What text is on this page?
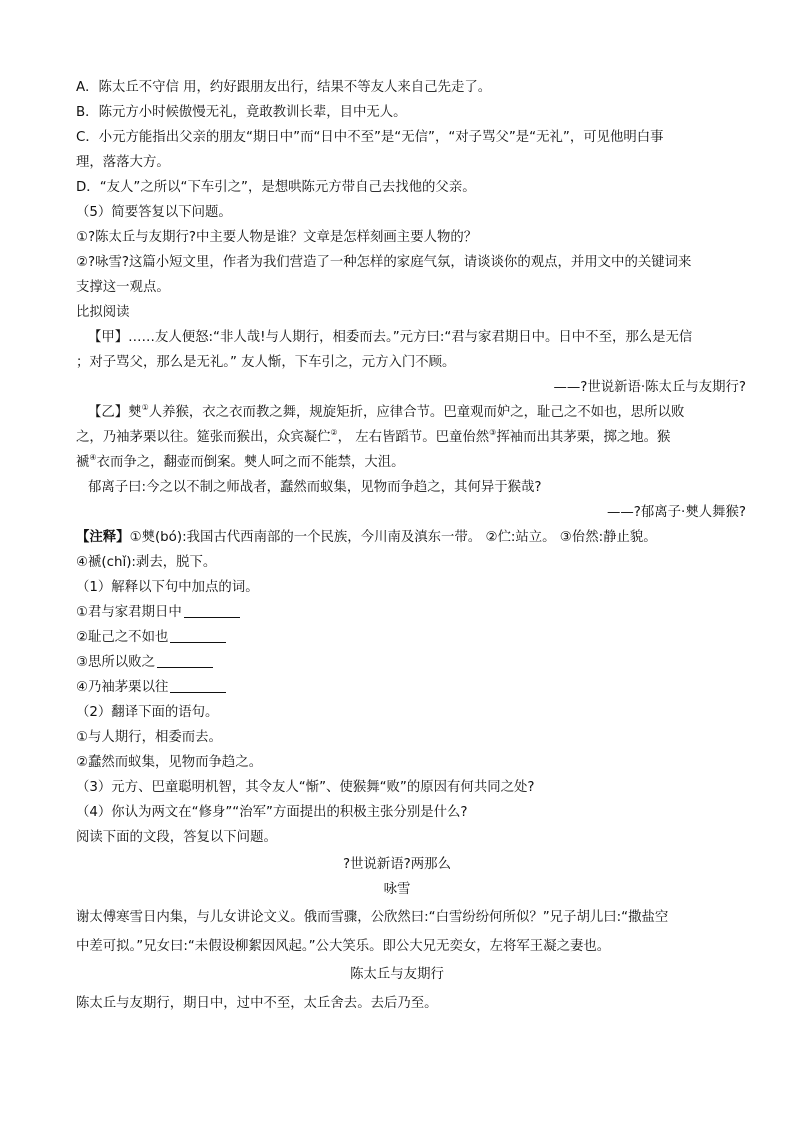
A．陈太丘不守信 用，约好跟朋友出行，结果不等友人来自己先走了。
B．陈元方小时候傲慢无礼，竟敢教训长辈，目中无人。
C．小元方能指出父亲的朋友“期日中”而“日中不至”是“无信”，“对子骂父”是“无礼”，可见他明白事
理，落落大方。
D．“友人”之所以“下车引之”，是想哄陈元方带自己去找他的父亲。
（5）简要答复以下问题。
①?陈太丘与友期行?中主要人物是谁？文章是怎样刻画主要人物的？
②?咏雪?这篇小短文里，作者为我们营造了一种怎样的家庭气氛，请谈谈你的观点，并用文中的关键词来
支撑这一观点。
比拟阅读
【甲】……友人便怒:“非人哉!与人期行，相委而去。”元方曰:“君与家君期日中。日中不至，那么是无信
；对子骂父，那么是无礼。” 友人惭，下车引之，元方入门不顾。
——?世说新语·陈太丘与友期行?
【乙】僰①人养猴，衣之衣而教之舞，规旋矩折，应律合节。巴童观而妒之，耻己之不如也，思所以败
之，乃袖茅栗以往。筵张而猴出，众宾凝伫②， 左右皆蹈节。巴童佁然③挥袖而出其茅栗，掷之地。猴
褫④衣而争之，翻壶而倒案。僰人呵之而不能禁，大沮。
郁离子曰:今之以不制之师战者，蠢然而蚁集，见物而争趋之，其何异于猴哉?
——?郁离子·僰人舞猴?
【注释】①僰(bó):我国古代西南部的一个民族，今川南及滇东一带。 ②伫:站立。 ③佁然:静止貌。
④褫(chǐ):剥去，脱下。
（1）解释以下句中加点的词。
①君与家君期日中
②耻己之不如也
③思所以败之
④乃袖茅栗以往
（2）翻译下面的语句。
①与人期行，相委而去。
②蠢然而蚁集，见物而争趋之。
（3）元方、巴童聪明机智，其令友人“惭”、使猴舞“败”的原因有何共同之处?
（4）你认为两文在“修身”“治军”方面提出的积极主张分别是什么?
阅读下面的文段，答复以下问题。
?世说新语?两那么
咏雪
谢太傅寒雪日内集，与儿女讲论文义。俄而雪骤，公欣然曰:“白雪纷纷何所似？”兄子胡儿曰:“撒盐空
中差可拟。”兄女曰:“未假设柳絮因风起。”公大笑乐。即公大兄无奕女，左将军王凝之妻也。
陈太丘与友期行
陈太丘与友期行，期日中，过中不至，太丘舍去。去后乃至。
